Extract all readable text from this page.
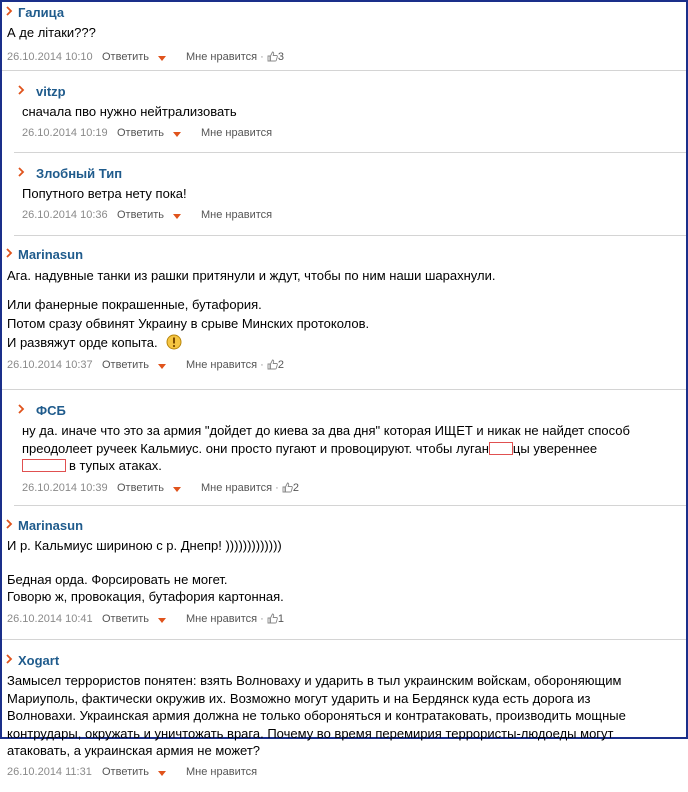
Галица

А де літаки???

26.10.2014 10:10 Ответить	Мне нравится · 3
vitzp

сначала пво нужно нейтрализовать

26.10.2014 10:19 Ответить	Мне нравится
Злобный Тип

Попутного ветра нету пока!

26.10.2014 10:36 Ответить	Мне нравится
Marinasun

Ага. надувные танки из рашки притянули и ждут, чтобы по ним наши шарахнули.

Или фанерные покрашенные, бутафория.

Потом сразу обвинят Украину в срыве Минских протоколов.

И развяжут орде копыта.

26.10.2014 10:37 Ответить	Мне нравится · 2
ФСБ

ну да. иначе что это за армия "дойдет до киева за два дня" которая ИЩЕТ и никак не найдет способ

преодолеет ручеек Кальмиус. они просто пугают и провоцируют. чтобы луган цы увереннее

в тупых атаках.

26.10.2014 10:39 Ответить	Мне нравится · 2
Marinasun

И р. Кальмиус шириною с р. Днепр! )))))))))))))

Бедная орда. Форсировать не могет.

Говорю ж, провокация, бутафория картонная.

26.10.2014 10:41 Ответить	Мне нравится · 1
Xogart

Замысел террористов понятен: взять Волноваху и ударить в тыл украинским войскам, обороняющим

Мариуполь, фактически окружив их. Возможно могут ударить и на Бердянск куда есть дорога из

Волновахи. Украинская армия должна не только обороняться и контратаковать, производить мощные

контрудары, окружать и уничтожать врага. Почему во время перемирия террористы-людоеды могут

атаковать, а украинская армия не может?

26.10.2014 11:31 Ответить	Мне нравится
